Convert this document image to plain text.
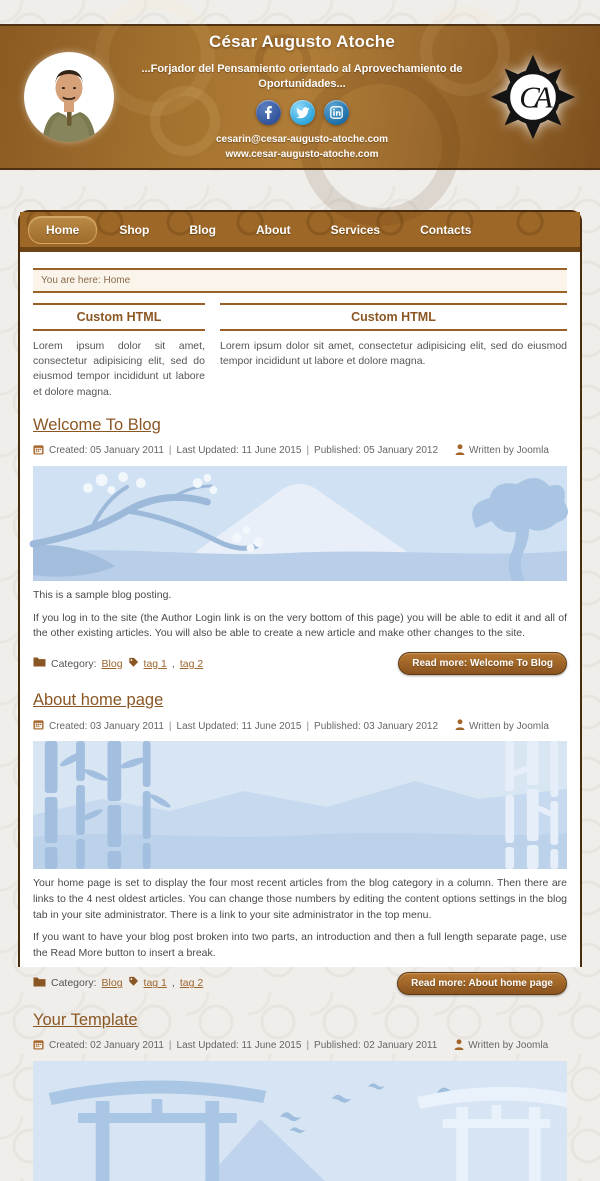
César Augusto Atoche
...Forjador del Pensamiento orientado al Aprovechamiento de Oportunidades...
cesarin@cesar-augusto-atoche.com
www.cesar-augusto-atoche.com
CA
Home	Shop	Blog	About	Services	Contacts
You are here: Home
Custom HTML
Lorem ipsum dolor sit amet, consectetur adipisicing elit, sed do eiusmod tempor incididunt ut labore et dolore magna.
Custom HTML
Lorem ipsum dolor sit amet, consectetur adipisicing elit, sed do eiusmod tempor incididunt ut labore et dolore magna.
Welcome To Blog
Created: 05 January 2011 | Last Updated: 11 June 2015 | Published: 05 January 2012	Written by Joomla

This is a sample blog posting.

If you log in to the site (the Author Login link is on the very bottom of this page) you will be able to edit it and all of the other existing articles. You will also be able to create a new article and make other changes to the site.

Category: Blog tag 1 , tag 2	Read more: Welcome To Blog
About home page
Created: 03 January 2011 | Last Updated: 11 June 2015 | Published: 03 January 2012	Written by Joomla

Your home page is set to display the four most recent articles from the blog category in a column. Then there are links to the 4 nest oldest articles. You can change those numbers by editing the content options settings in the blog tab in your site administrator. There is a link to your site administrator in the top menu.

If you want to have your blog post broken into two parts, an introduction and then a full length separate page, use the Read More button to insert a break.

Category: Blog tag 1 , tag 2	Read more: About home page
Your Template
Created: 02 January 2011 | Last Updated: 11 June 2015 | Published: 02 January 2011	Written by Joomla
